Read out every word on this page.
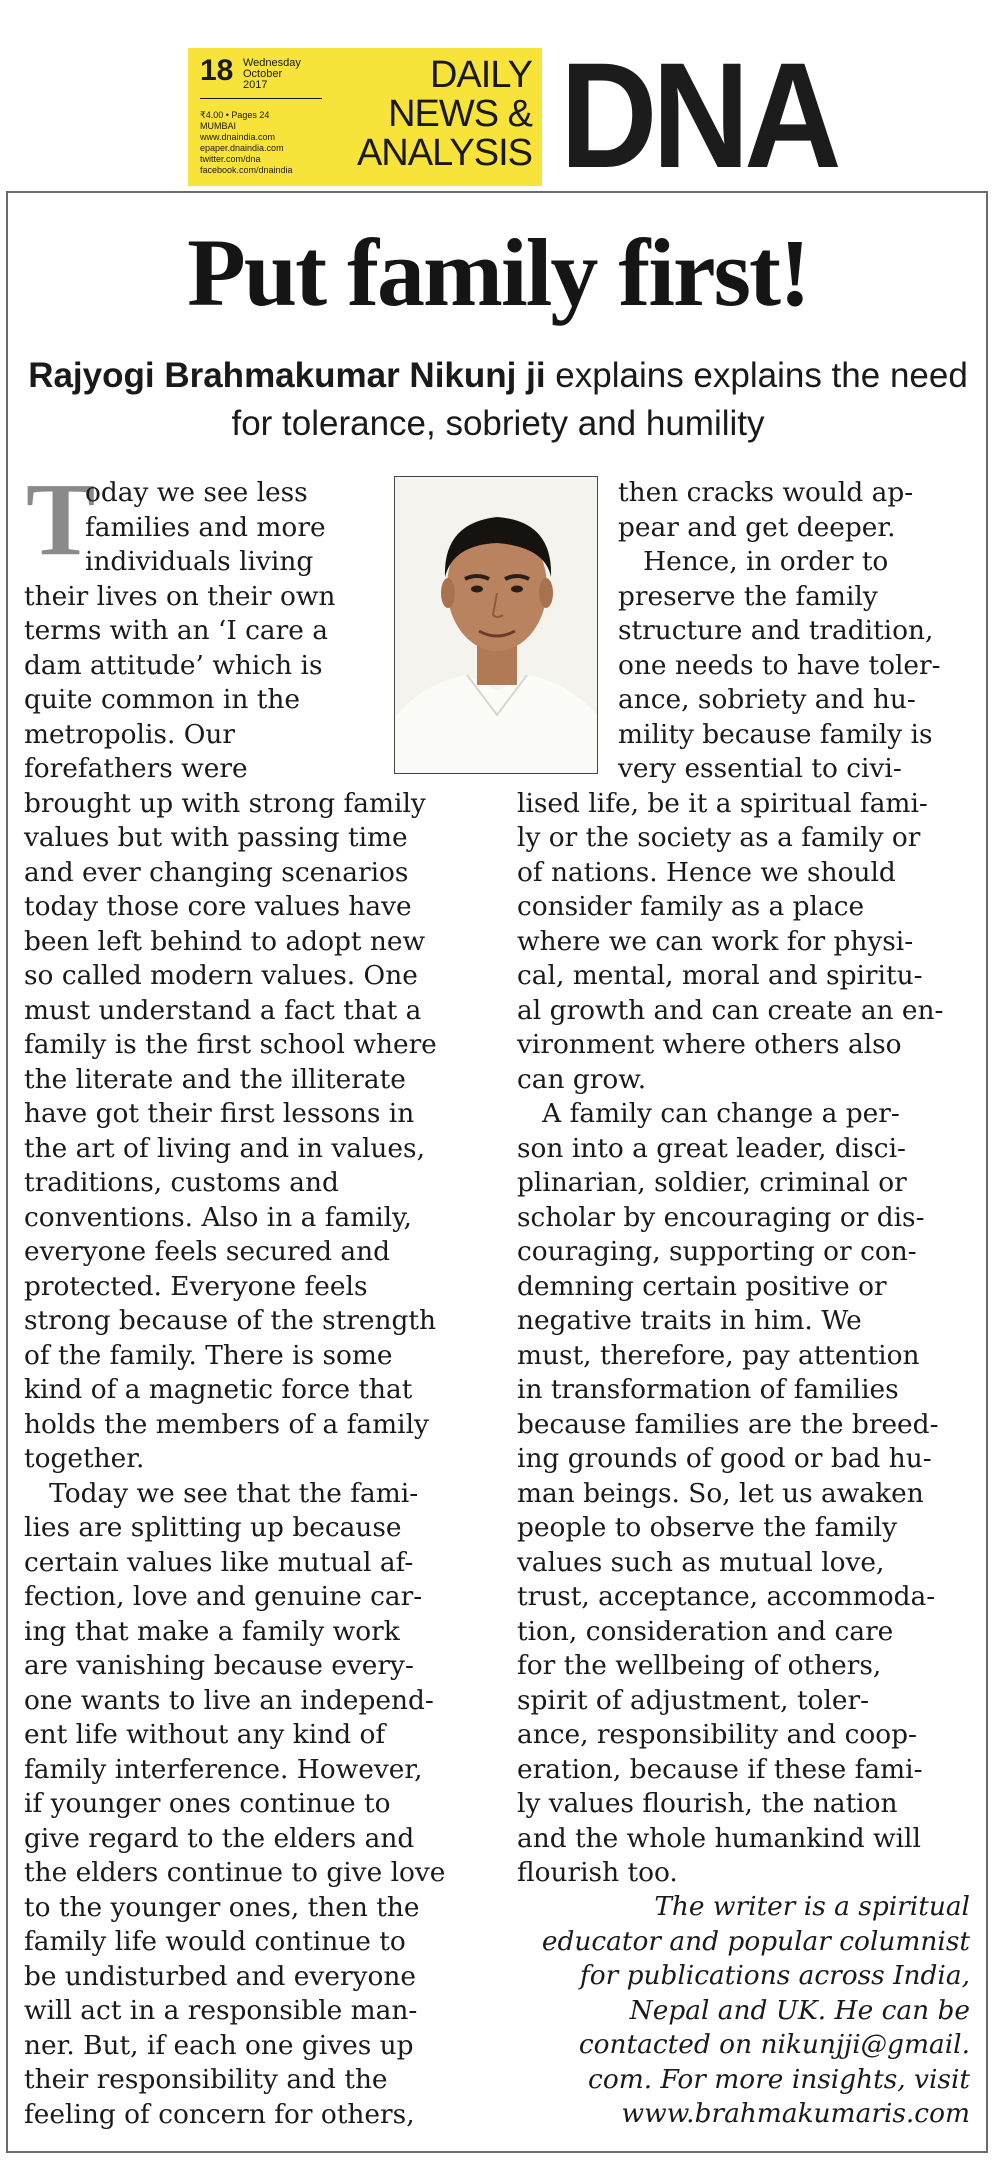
18 Wednesday
October
2017
₹4.00 • Pages 24
MUMBAI
www.dnaindia.com
epaper.dnaindia.com
twitter.com/dna
facebook.com/dnaindia
DAILY
NEWS &
ANALYSIS DNA
Put family first!
Rajyogi Brahmakumar Nikunj ji explains explains the need
for tolerance, sobriety and humility
T
oday we see less
families and more
individuals living
their lives on their own
terms with an ‘I care a
dam attitude’ which is
quite common in the
metropolis. Our
forefathers were
brought up with strong family
values but with passing time
and ever changing scenarios
today those core values have
been left behind to adopt new
so called modern values. One
must understand a fact that a
family is the first school where
the literate and the illiterate
have got their first lessons in
the art of living and in values,
traditions, customs and
conventions. Also in a family,
everyone feels secured and
protected. Everyone feels
strong because of the strength
of the family. There is some
kind of a magnetic force that
holds the members of a family
together.
Today we see that the fami-
lies are splitting up because
certain values like mutual af-
fection, love and genuine car-
ing that make a family work
are vanishing because every-
one wants to live an independ-
ent life without any kind of
family interference. However,
if younger ones continue to
give regard to the elders and
the elders continue to give love
to the younger ones, then the
family life would continue to
be undisturbed and everyone
will act in a responsible man-
ner. But, if each one gives up
their responsibility and the
feeling of concern for others,
then cracks would ap-
pear and get deeper.
Hence, in order to
preserve the family
structure and tradition,
one needs to have toler-
ance, sobriety and hu-
mility because family is
very essential to civi-
lised life, be it a spiritual fami-
ly or the society as a family or
of nations. Hence we should
consider family as a place
where we can work for physi-
cal, mental, moral and spiritu-
al growth and can create an en-
vironment where others also
can grow.
A family can change a per-
son into a great leader, disci-
plinarian, soldier, criminal or
scholar by encouraging or dis-
couraging, supporting or con-
demning certain positive or
negative traits in him. We
must, therefore, pay attention
in transformation of families
because families are the breed-
ing grounds of good or bad hu-
man beings. So, let us awaken
people to observe the family
values such as mutual love,
trust, acceptance, accommoda-
tion, consideration and care
for the wellbeing of others,
spirit of adjustment, toler-
ance, responsibility and coop-
eration, because if these fami-
ly values flourish, the nation
and the whole humankind will
flourish too.
The writer is a spiritual
educator and popular columnist
for publications across India,
Nepal and UK. He can be
contacted on nikunjji@gmail.
com. For more insights, visit
www.brahmakumaris.com
